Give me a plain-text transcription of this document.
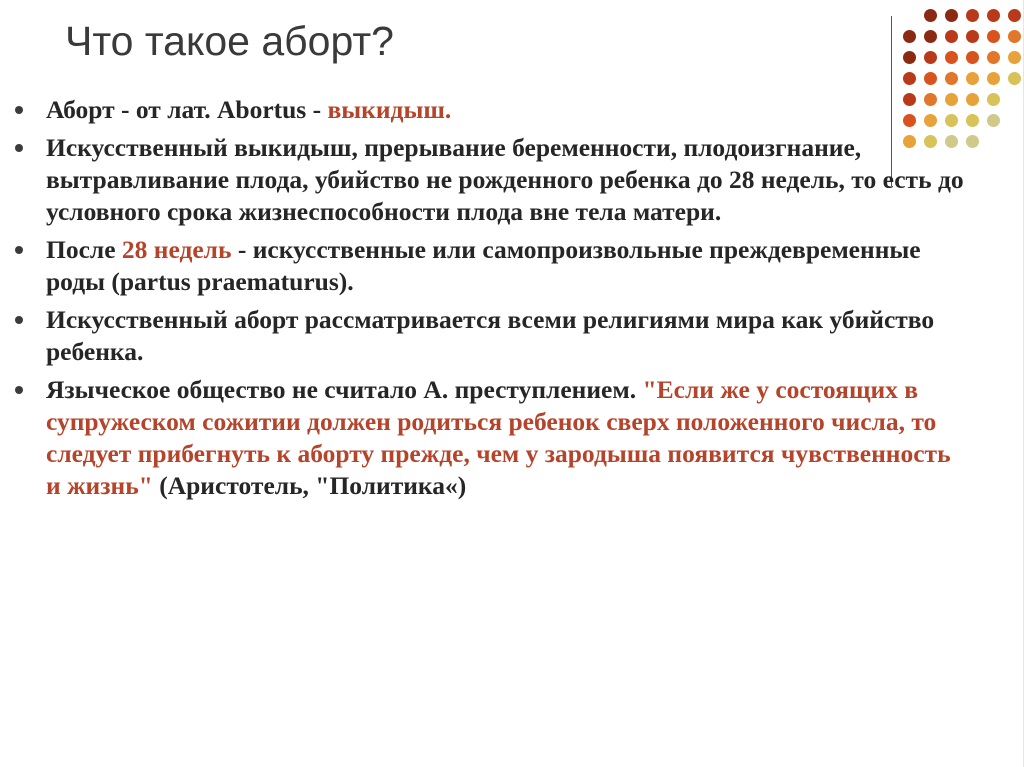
Что такое аборт?
Аборт - от лат. Abortus - выкидыш.
Искусственный выкидыш, прерывание беременности, плодоизгнание, вытравливание плода, убийство не рожденного ребенка до 28 недель, то есть до условного срока жизнеспособности плода вне тела матери.
После 28 недель - искусственные или самопроизвольные преждевременные роды (partus praematurus).
Искусственный аборт рассматривается всеми религиями мира как убийство ребенка.
Языческое общество не считало А. преступлением. "Если же у состоящих в супружеском сожитии должен родиться ребенок сверх положенного числа, то следует прибегнуть к аборту прежде, чем у зародыша появится чувственность и жизнь" (Аристотель, "Политика«)
